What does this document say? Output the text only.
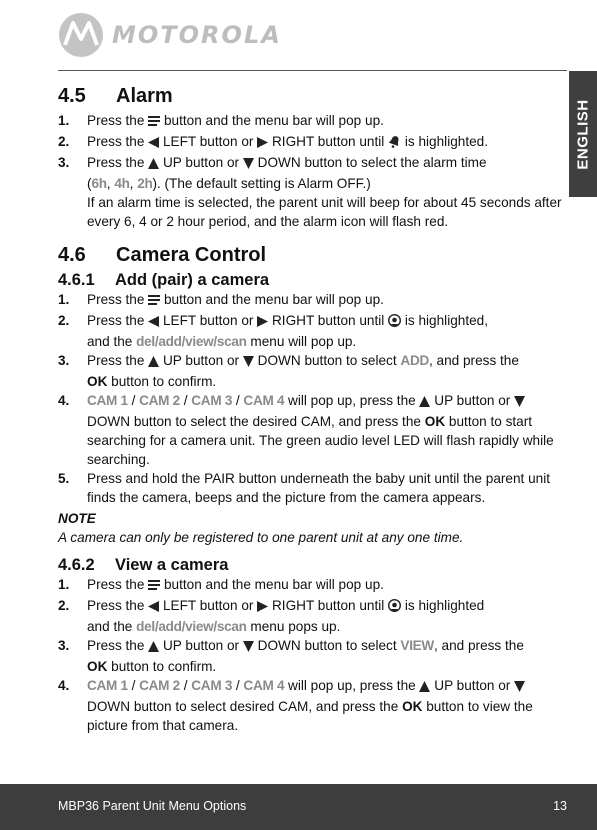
MOTOROLA
ENGLISH
4.5	Alarm
1.	Press the button and the menu bar will pop up.
2.	Press the LEFT button or RIGHT button until is highlighted.
3.	Press the UP button or DOWN button to select the alarm time
(6h, 4h, 2h). (The default setting is Alarm OFF.)
If an alarm time is selected, the parent unit will beep for about 45 seconds after every 6, 4 or 2 hour period, and the alarm icon will flash red.
4.6	Camera Control
4.6.1	Add (pair) a camera
1.	Press the button and the menu bar will pop up.
2.	Press the LEFT button or RIGHT button until is highlighted,
and the del/add/view/scan menu will pop up.
3.	Press the UP button or DOWN button to select ADD, and press the
OK button to confirm.
4.	CAM 1 / CAM 2 / CAM 3 / CAM 4 will pop up, press the UP button or  DOWN button to select the desired CAM, and press the OK button to start searching for a camera unit. The green audio level LED will flash rapidly while searching.
5.	Press and hold the PAIR button underneath the baby unit until the parent unit finds the camera, beeps and the picture from the camera appears.
NOTE
A camera can only be registered to one parent unit at any one time.
4.6.2	View a camera
1.	Press the button and the menu bar will pop up.
2.	Press the LEFT button or RIGHT button until is highlighted
and the del/add/view/scan menu pops up.
3.	Press the UP button or DOWN button to select VIEW, and press the
OK button to confirm.
4.	CAM 1 / CAM 2 / CAM 3 / CAM 4 will pop up, press the UP button or  DOWN button to select desired CAM, and press the OK button to view the picture from that camera.
MBP36 Parent Unit Menu Options	13
